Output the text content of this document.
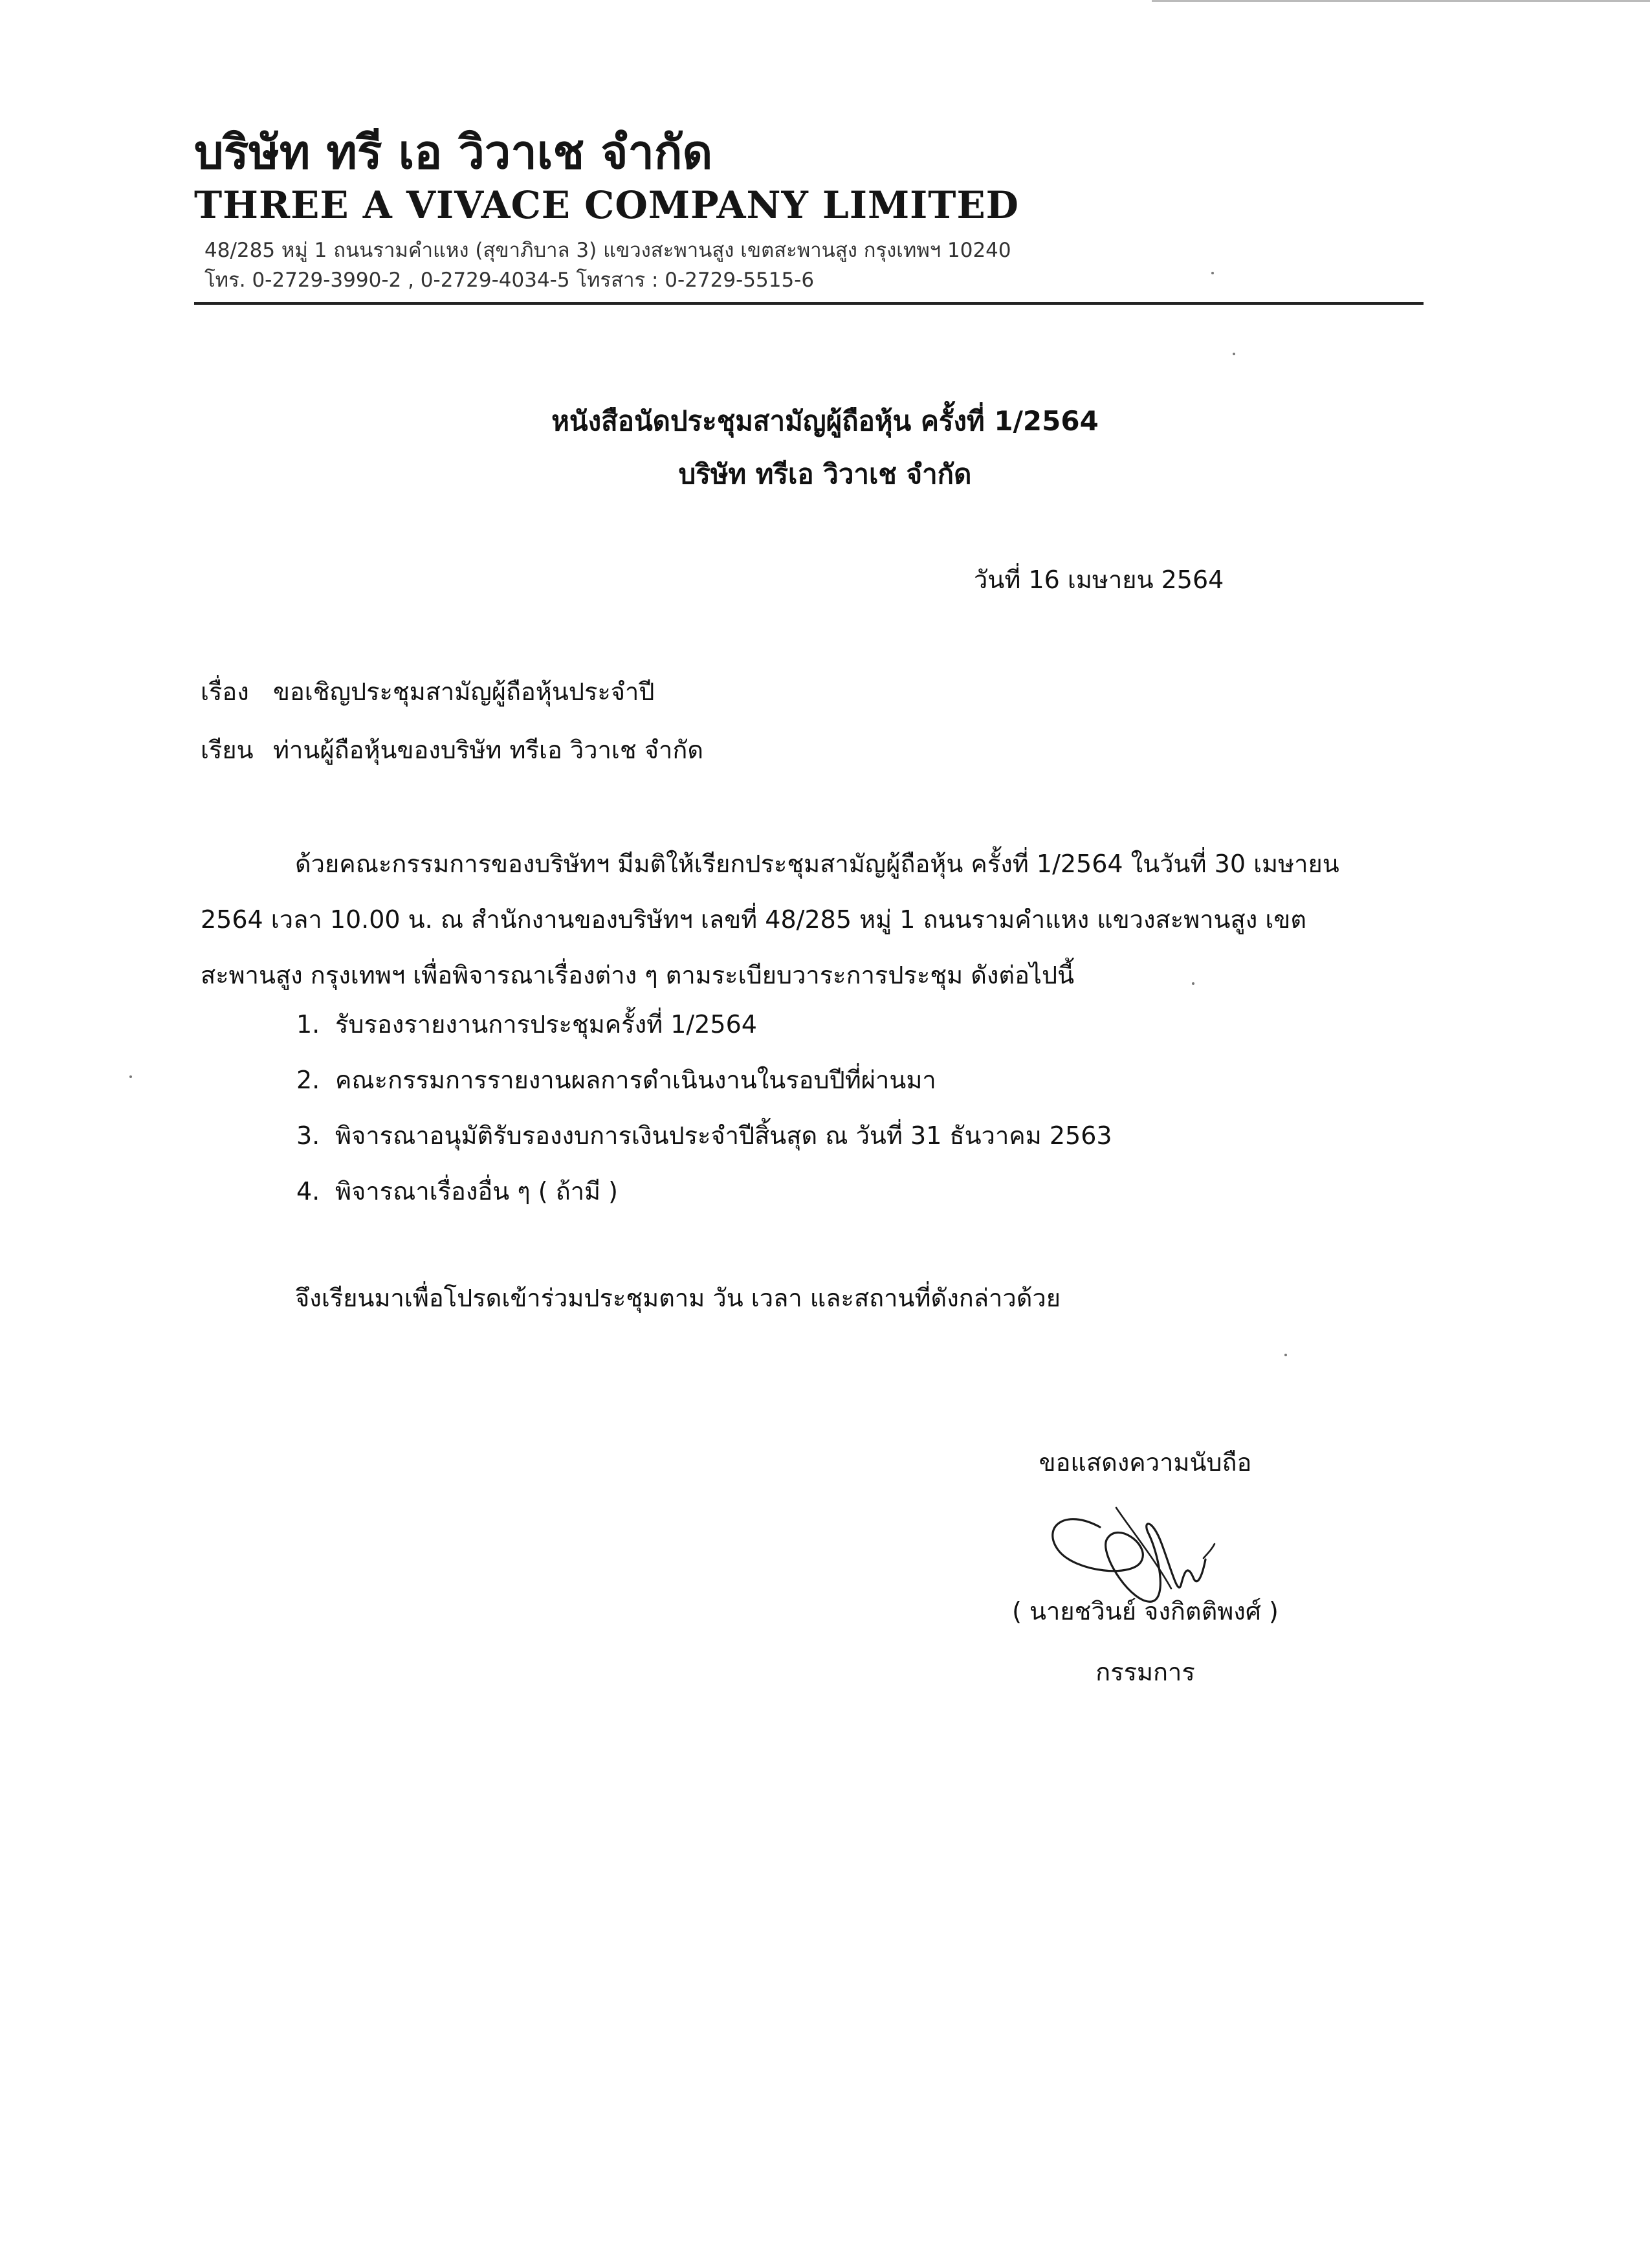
บริษัท ทรี เอ วิวาเช จำกัด
THREE A VIVACE COMPANY LIMITED
48/285 หมู่ 1 ถนนรามคำแหง (สุขาภิบาล 3) แขวงสะพานสูง เขตสะพานสูง กรุงเทพฯ 10240
โทร. 0-2729-3990-2 , 0-2729-4034-5 โทรสาร : 0-2729-5515-6
หนังสือนัดประชุมสามัญผู้ถือหุ้น ครั้งที่ 1/2564
บริษัท ทรีเอ วิวาเช จำกัด
วันที่ 16 เมษายน 2564
เรื่อง ขอเชิญประชุมสามัญผู้ถือหุ้นประจำปี
เรียน ท่านผู้ถือหุ้นของบริษัท ทรีเอ วิวาเช จำกัด
ด้วยคณะกรรมการของบริษัทฯ มีมติให้เรียกประชุมสามัญผู้ถือหุ้น ครั้งที่ 1/2564 ในวันที่ 30 เมษายน
2564 เวลา 10.00 น. ณ สำนักงานของบริษัทฯ เลขที่ 48/285 หมู่ 1 ถนนรามคำแหง แขวงสะพานสูง เขต
สะพานสูง กรุงเทพฯ เพื่อพิจารณาเรื่องต่าง ๆ ตามระเบียบวาระการประชุม ดังต่อไปนี้
1. รับรองรายงานการประชุมครั้งที่ 1/2564
2. คณะกรรมการรายงานผลการดำเนินงานในรอบปีที่ผ่านมา
3. พิจารณาอนุมัติรับรองงบการเงินประจำปีสิ้นสุด ณ วันที่ 31 ธันวาคม 2563
4. พิจารณาเรื่องอื่น ๆ ( ถ้ามี )
จึงเรียนมาเพื่อโปรดเข้าร่วมประชุมตาม วัน เวลา และสถานที่ดังกล่าวด้วย
ขอแสดงความนับถือ
( นายชวินย์ จงกิตติพงศ์ )
กรรมการ
